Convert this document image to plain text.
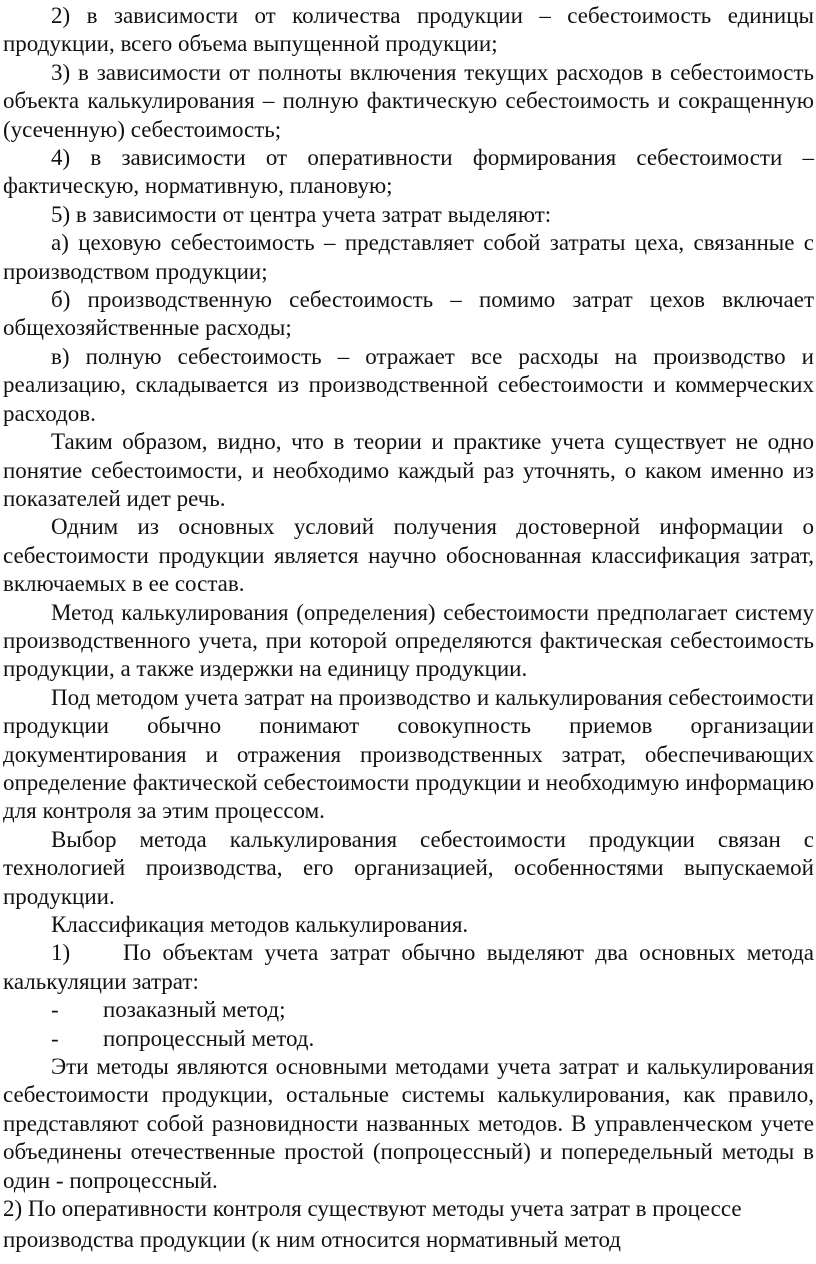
2) в зависимости от количества продукции – себестоимость единицы продукции, всего объема выпущенной продукции;

3) в зависимости от полноты включения текущих расходов в себестоимость объекта калькулирования – полную фактическую себестоимость и сокращенную (усеченную) себестоимость;

4) в зависимости от оперативности формирования себестоимости – фактическую, нормативную, плановую;

5) в зависимости от центра учета затрат выделяют:

а) цеховую себестоимость – представляет собой затраты цеха, связанные с производством продукции;

б) производственную себестоимость – помимо затрат цехов включает общехозяйственные расходы;

в) полную себестоимость – отражает все расходы на производство и реализацию, складывается из производственной себестоимости и коммерческих расходов.

Таким образом, видно, что в теории и практике учета существует не одно понятие себестоимости, и необходимо каждый раз уточнять, о каком именно из показателей идет речь.

Одним из основных условий получения достоверной информации о себестоимости продукции является научно обоснованная классификация затрат, включаемых в ее состав.

Метод калькулирования (определения) себестоимости предполагает систему производственного учета, при которой определяются фактическая себестоимость продукции, а также издержки на единицу продукции.

Под методом учета затрат на производство и калькулирования себестоимости продукции обычно понимают совокупность приемов организации документирования и отражения производственных затрат, обеспечивающих определение фактической себестоимости продукции и необходимую информацию для контроля за этим процессом.

Выбор метода калькулирования себестоимости продукции связан с технологией производства, его организацией, особенностями выпускаемой продукции.

Классификация методов калькулирования.

1) По объектам учета затрат обычно выделяют два основных метода калькуляции затрат:

- позаказный метод;

- попроцессный метод.

Эти методы являются основными методами учета затрат и калькулирования себестоимости продукции, остальные системы калькулирования, как правило, представляют собой разновидности названных методов. В управленческом учете объединены отечественные простой (попроцессный) и попередельный методы в один - попроцессный.

2) По оперативности контроля существуют методы учета затрат в процессе

производства продукции (к ним относится нормативный метод
